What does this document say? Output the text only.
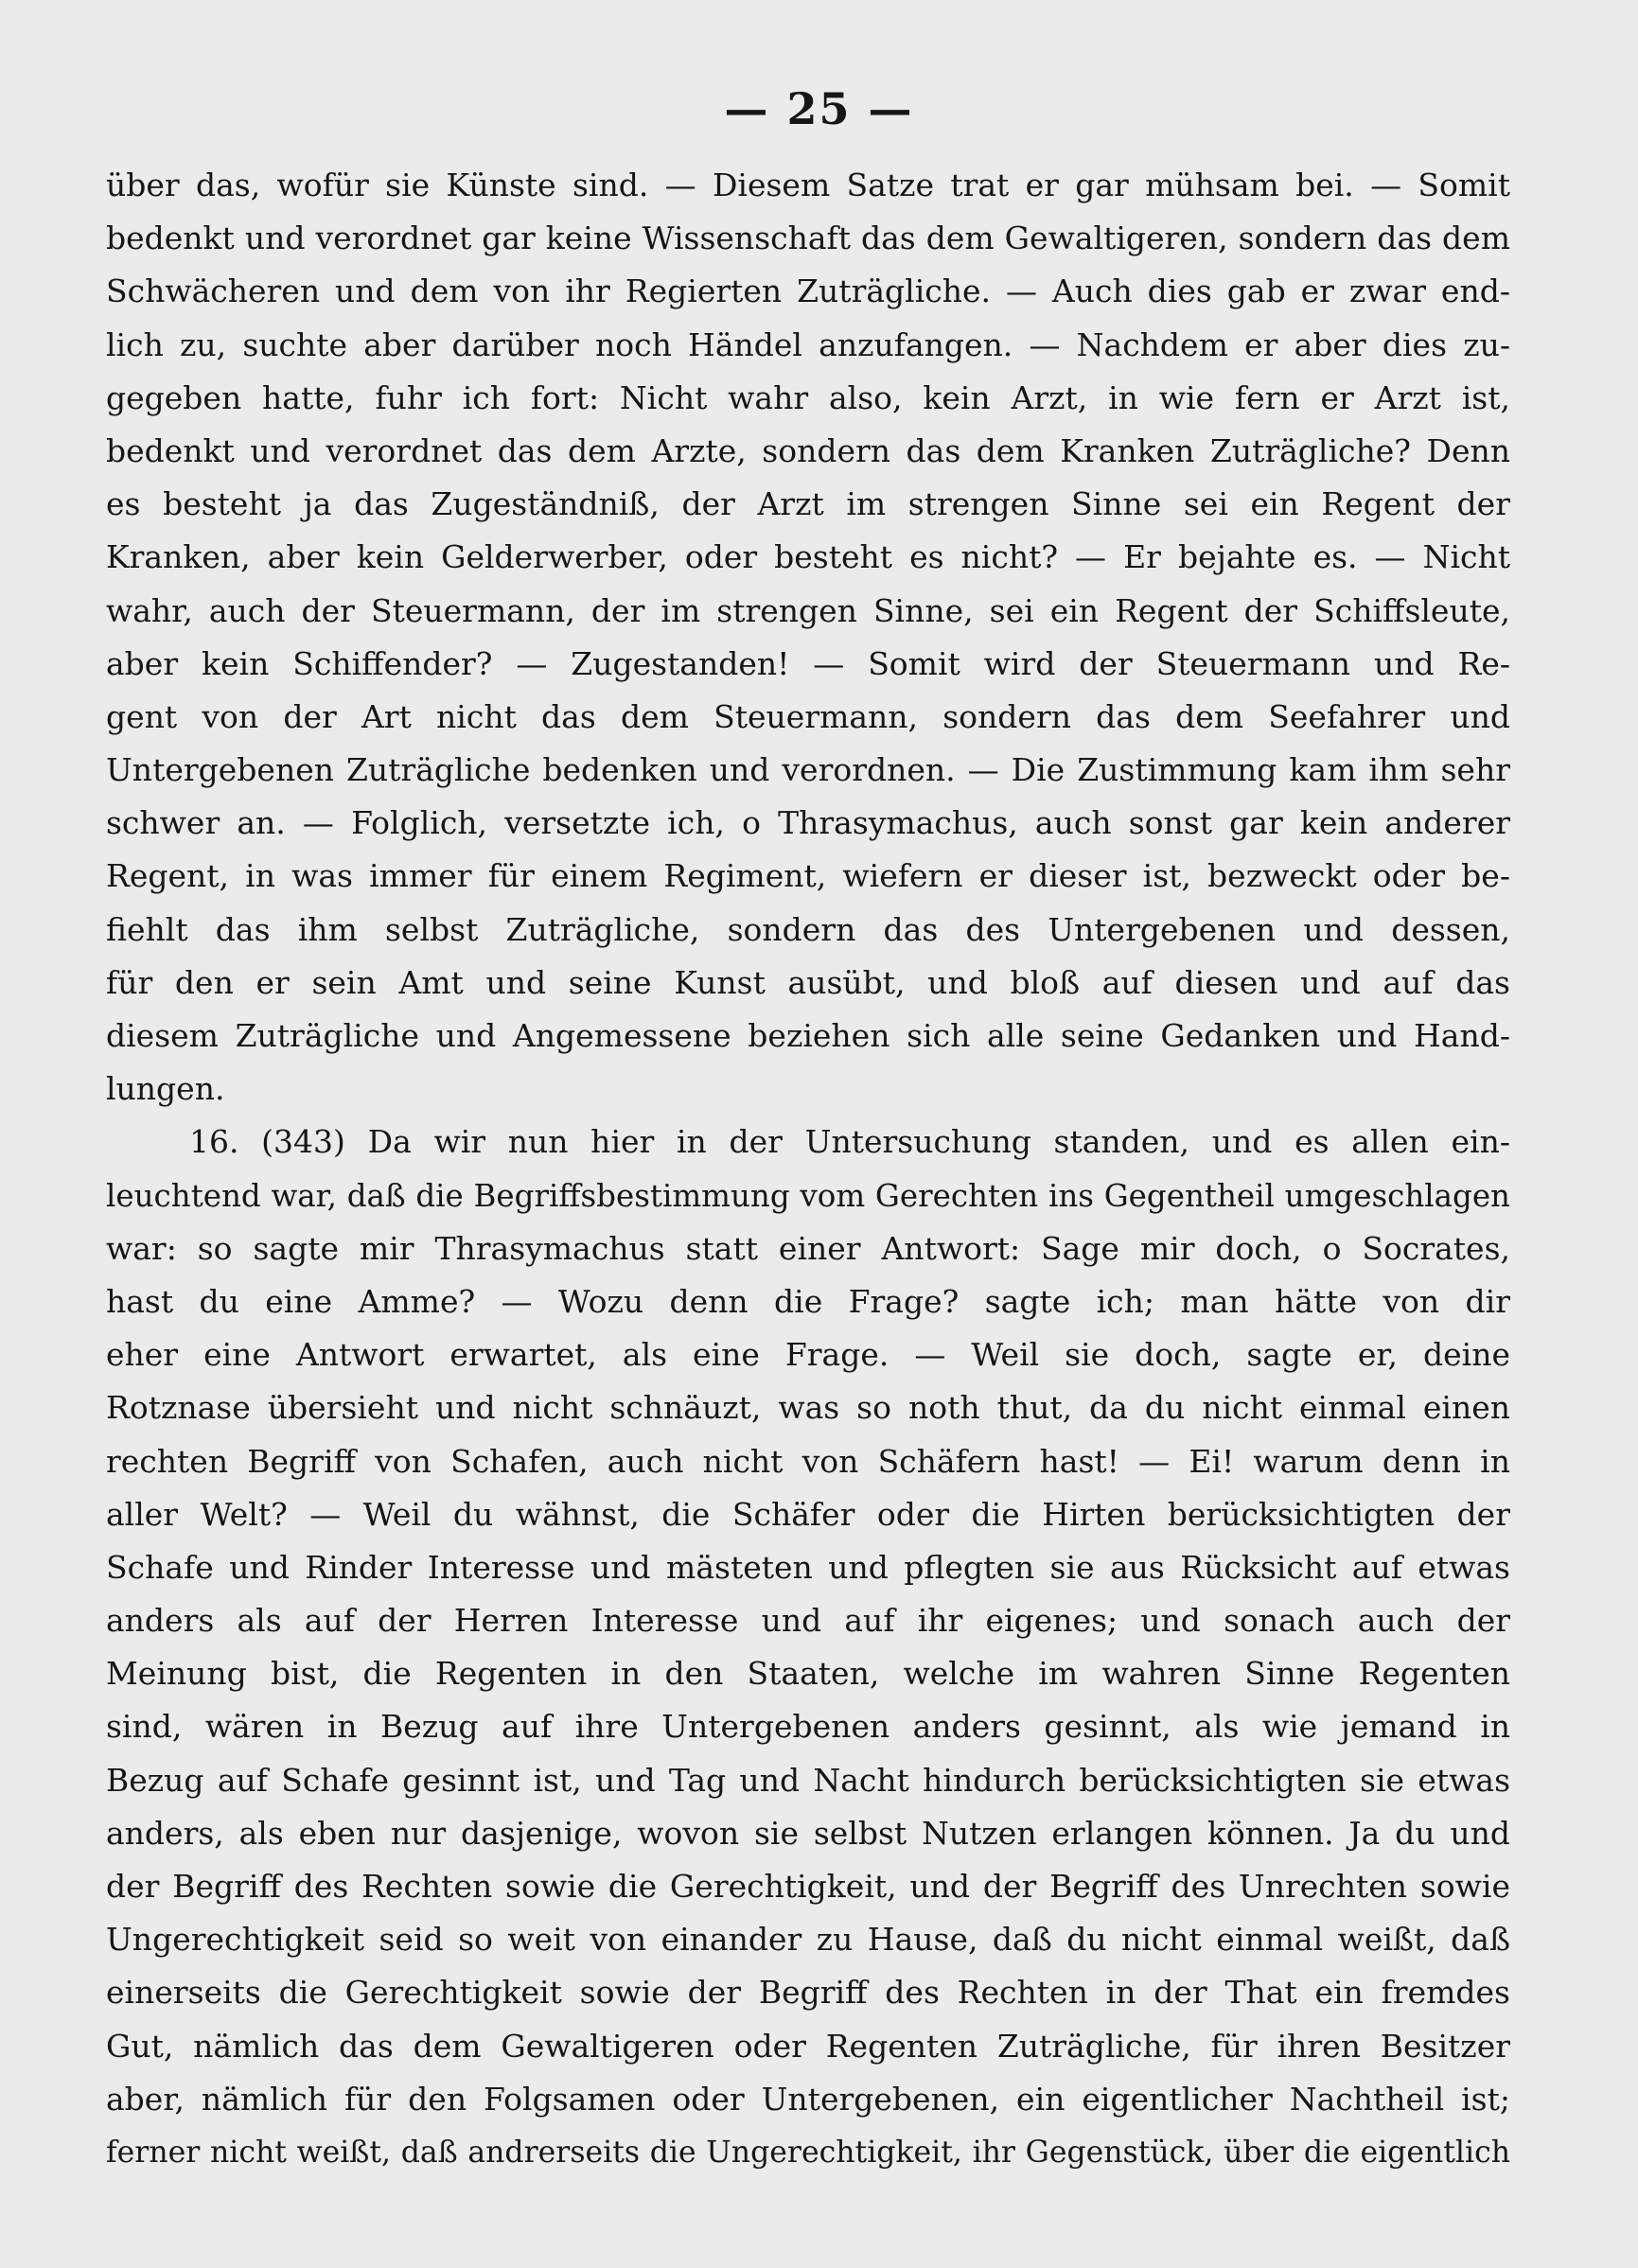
— 25 —
über das, wofür sie Künste sind. — Diesem Satze trat er gar mühsam bei. — Somit
bedenkt und verordnet gar keine Wissenschaft das dem Gewaltigeren, sondern das dem
Schwächeren und dem von ihr Regierten Zuträgliche. — Auch dies gab er zwar end-
lich zu, suchte aber darüber noch Händel anzufangen. — Nachdem er aber dies zu-
gegeben hatte, fuhr ich fort: Nicht wahr also, kein Arzt, in wie fern er Arzt ist,
bedenkt und verordnet das dem Arzte, sondern das dem Kranken Zuträgliche? Denn
es besteht ja das Zugeständniß, der Arzt im strengen Sinne sei ein Regent der
Kranken, aber kein Gelderwerber, oder besteht es nicht? — Er bejahte es. — Nicht
wahr, auch der Steuermann, der im strengen Sinne, sei ein Regent der Schiffsleute,
aber kein Schiffender? — Zugestanden! — Somit wird der Steuermann und Re-
gent von der Art nicht das dem Steuermann, sondern das dem Seefahrer und
Untergebenen Zuträgliche bedenken und verordnen. — Die Zustimmung kam ihm sehr
schwer an. — Folglich, versetzte ich, o Thrasymachus, auch sonst gar kein anderer
Regent, in was immer für einem Regiment, wiefern er dieser ist, bezweckt oder be-
fiehlt das ihm selbst Zuträgliche, sondern das des Untergebenen und dessen,
für den er sein Amt und seine Kunst ausübt, und bloß auf diesen und auf das
diesem Zuträgliche und Angemessene beziehen sich alle seine Gedanken und Hand-
lungen.
16. (343) Da wir nun hier in der Untersuchung standen, und es allen ein-
leuchtend war, daß die Begriffsbestimmung vom Gerechten ins Gegentheil umgeschlagen
war: so sagte mir Thrasymachus statt einer Antwort: Sage mir doch, o Socrates,
hast du eine Amme? — Wozu denn die Frage? sagte ich; man hätte von dir
eher eine Antwort erwartet, als eine Frage. — Weil sie doch, sagte er, deine
Rotznase übersieht und nicht schnäuzt, was so noth thut, da du nicht einmal einen
rechten Begriff von Schafen, auch nicht von Schäfern hast! — Ei! warum denn in
aller Welt? — Weil du wähnst, die Schäfer oder die Hirten berücksichtigten der
Schafe und Rinder Interesse und mästeten und pflegten sie aus Rücksicht auf etwas
anders als auf der Herren Interesse und auf ihr eigenes; und sonach auch der
Meinung bist, die Regenten in den Staaten, welche im wahren Sinne Regenten
sind, wären in Bezug auf ihre Untergebenen anders gesinnt, als wie jemand in
Bezug auf Schafe gesinnt ist, und Tag und Nacht hindurch berücksichtigten sie etwas
anders, als eben nur dasjenige, wovon sie selbst Nutzen erlangen können. Ja du und
der Begriff des Rechten sowie die Gerechtigkeit, und der Begriff des Unrechten sowie
Ungerechtigkeit seid so weit von einander zu Hause, daß du nicht einmal weißt, daß
einerseits die Gerechtigkeit sowie der Begriff des Rechten in der That ein fremdes
Gut, nämlich das dem Gewaltigeren oder Regenten Zuträgliche, für ihren Besitzer
aber, nämlich für den Folgsamen oder Untergebenen, ein eigentlicher Nachtheil ist;
ferner nicht weißt, daß andrerseits die Ungerechtigkeit, ihr Gegenstück, über die eigentlich
